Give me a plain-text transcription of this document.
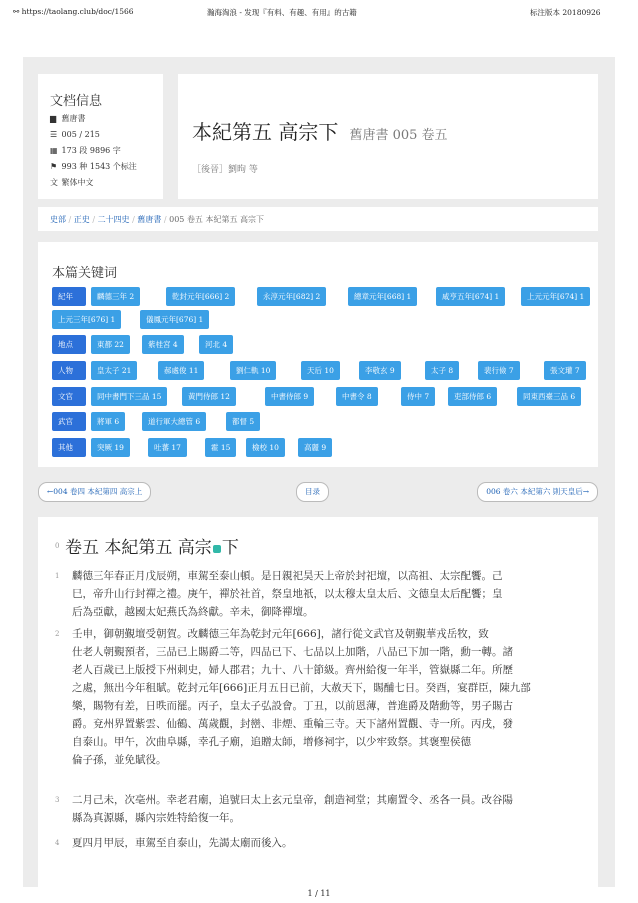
⚯ https://taolang.club/doc/1566	瀚海淘浪 - 发现『有料、有趣、有用』的古籍	标注版本 20180926
文档信息
▆ 舊唐書
☰ 005 / 215
▦ 173 段 9896 字
⚑ 993 种 1543 个标注
文 繁体中文
本紀第五 高宗下 舊唐書 005 卷五
［後晉］劉昫 等
史部 / 正史 / 二十四史 / 舊唐書 / 005 卷五 本紀第五 高宗下
本篇关键词
紀年	麟德三年 2	乾封元年[666] 2	永淳元年[682] 2	總章元年[668] 1	咸亨五年[674] 1	上元元年[674] 1
上元三年[676] 1	儀鳳元年[676] 1
地点	東都 22	紫桂宮 4	河北 4
人物	皇太子 21	郝處俊 11	劉仁軌 10	天后 10	李敬玄 9	太子 8	裴行儉 7	張文瓘 7
文官	同中書門下三品 15	黃門侍郎 12	中書侍郎 9	中書令 8	侍中 7	吏部侍郎 6	同東西臺三品 6
武官	將軍 6	道行軍大總管 6	都督 5
其他	突厥 19	吐蕃 17	霍 15	檢校 10	高麗 9
←004 卷四 本紀第四 高宗上	目录	006 卷六 本紀第六 則天皇后→
0 卷五 本紀第五 高宗 下
1 麟德三年春正月戊辰朔，車駕至泰山頓。是日親祀昊天上帝於封祀壇，以高祖、太宗配饗。己
巳，帝升山行封禪之禮。庚午，禪於社首，祭皇地祇，以太穆太皇太后、文德皇太后配饗；皇
后為亞獻，越國太妃燕氏為終獻。辛未，御降禪壇。
2 壬申，御朝覲壇受朝賀。改麟德三年為乾封元年[666]，諸行從文武官及朝覲華戎岳牧，致
仕老人朝覲預者，三品已上賜爵二等，四品已下、七品以上加階，八品已下加一階，勳一轉。諸
老人百歲已上版授下州刺史，婦人郡君；九十、八十節級。齊州給復一年半，管嶽縣二年。所歷
之處，無出今年租賦。乾封元年[666]正月五日已前，大赦天下，賜酺七日。癸酉，宴群臣，陳九部
樂，賜物有差，日昳而罷。丙子，皇太子弘設會。丁丑，以前恩薄，普進爵及階勳等，男子賜古
爵。兗州界置紫雲、仙鶴、萬歲觀，封巒、非煙、重輪三寺。天下諸州置觀、寺一所。丙戌，發
自泰山。甲午，次曲阜縣，幸孔子廟，追贈太師，增修祠宇，以少牢致祭。其褒聖侯德
倫子孫，並免賦役。
3 二月己未，次亳州。幸老君廟，追號曰太上玄元皇帝，創造祠堂；其廟置令、丞各一員。改谷陽
縣為真源縣，縣內宗姓特給復一年。
4 夏四月甲辰，車駕至自泰山，先謁太廟而後入。
1 / 11
